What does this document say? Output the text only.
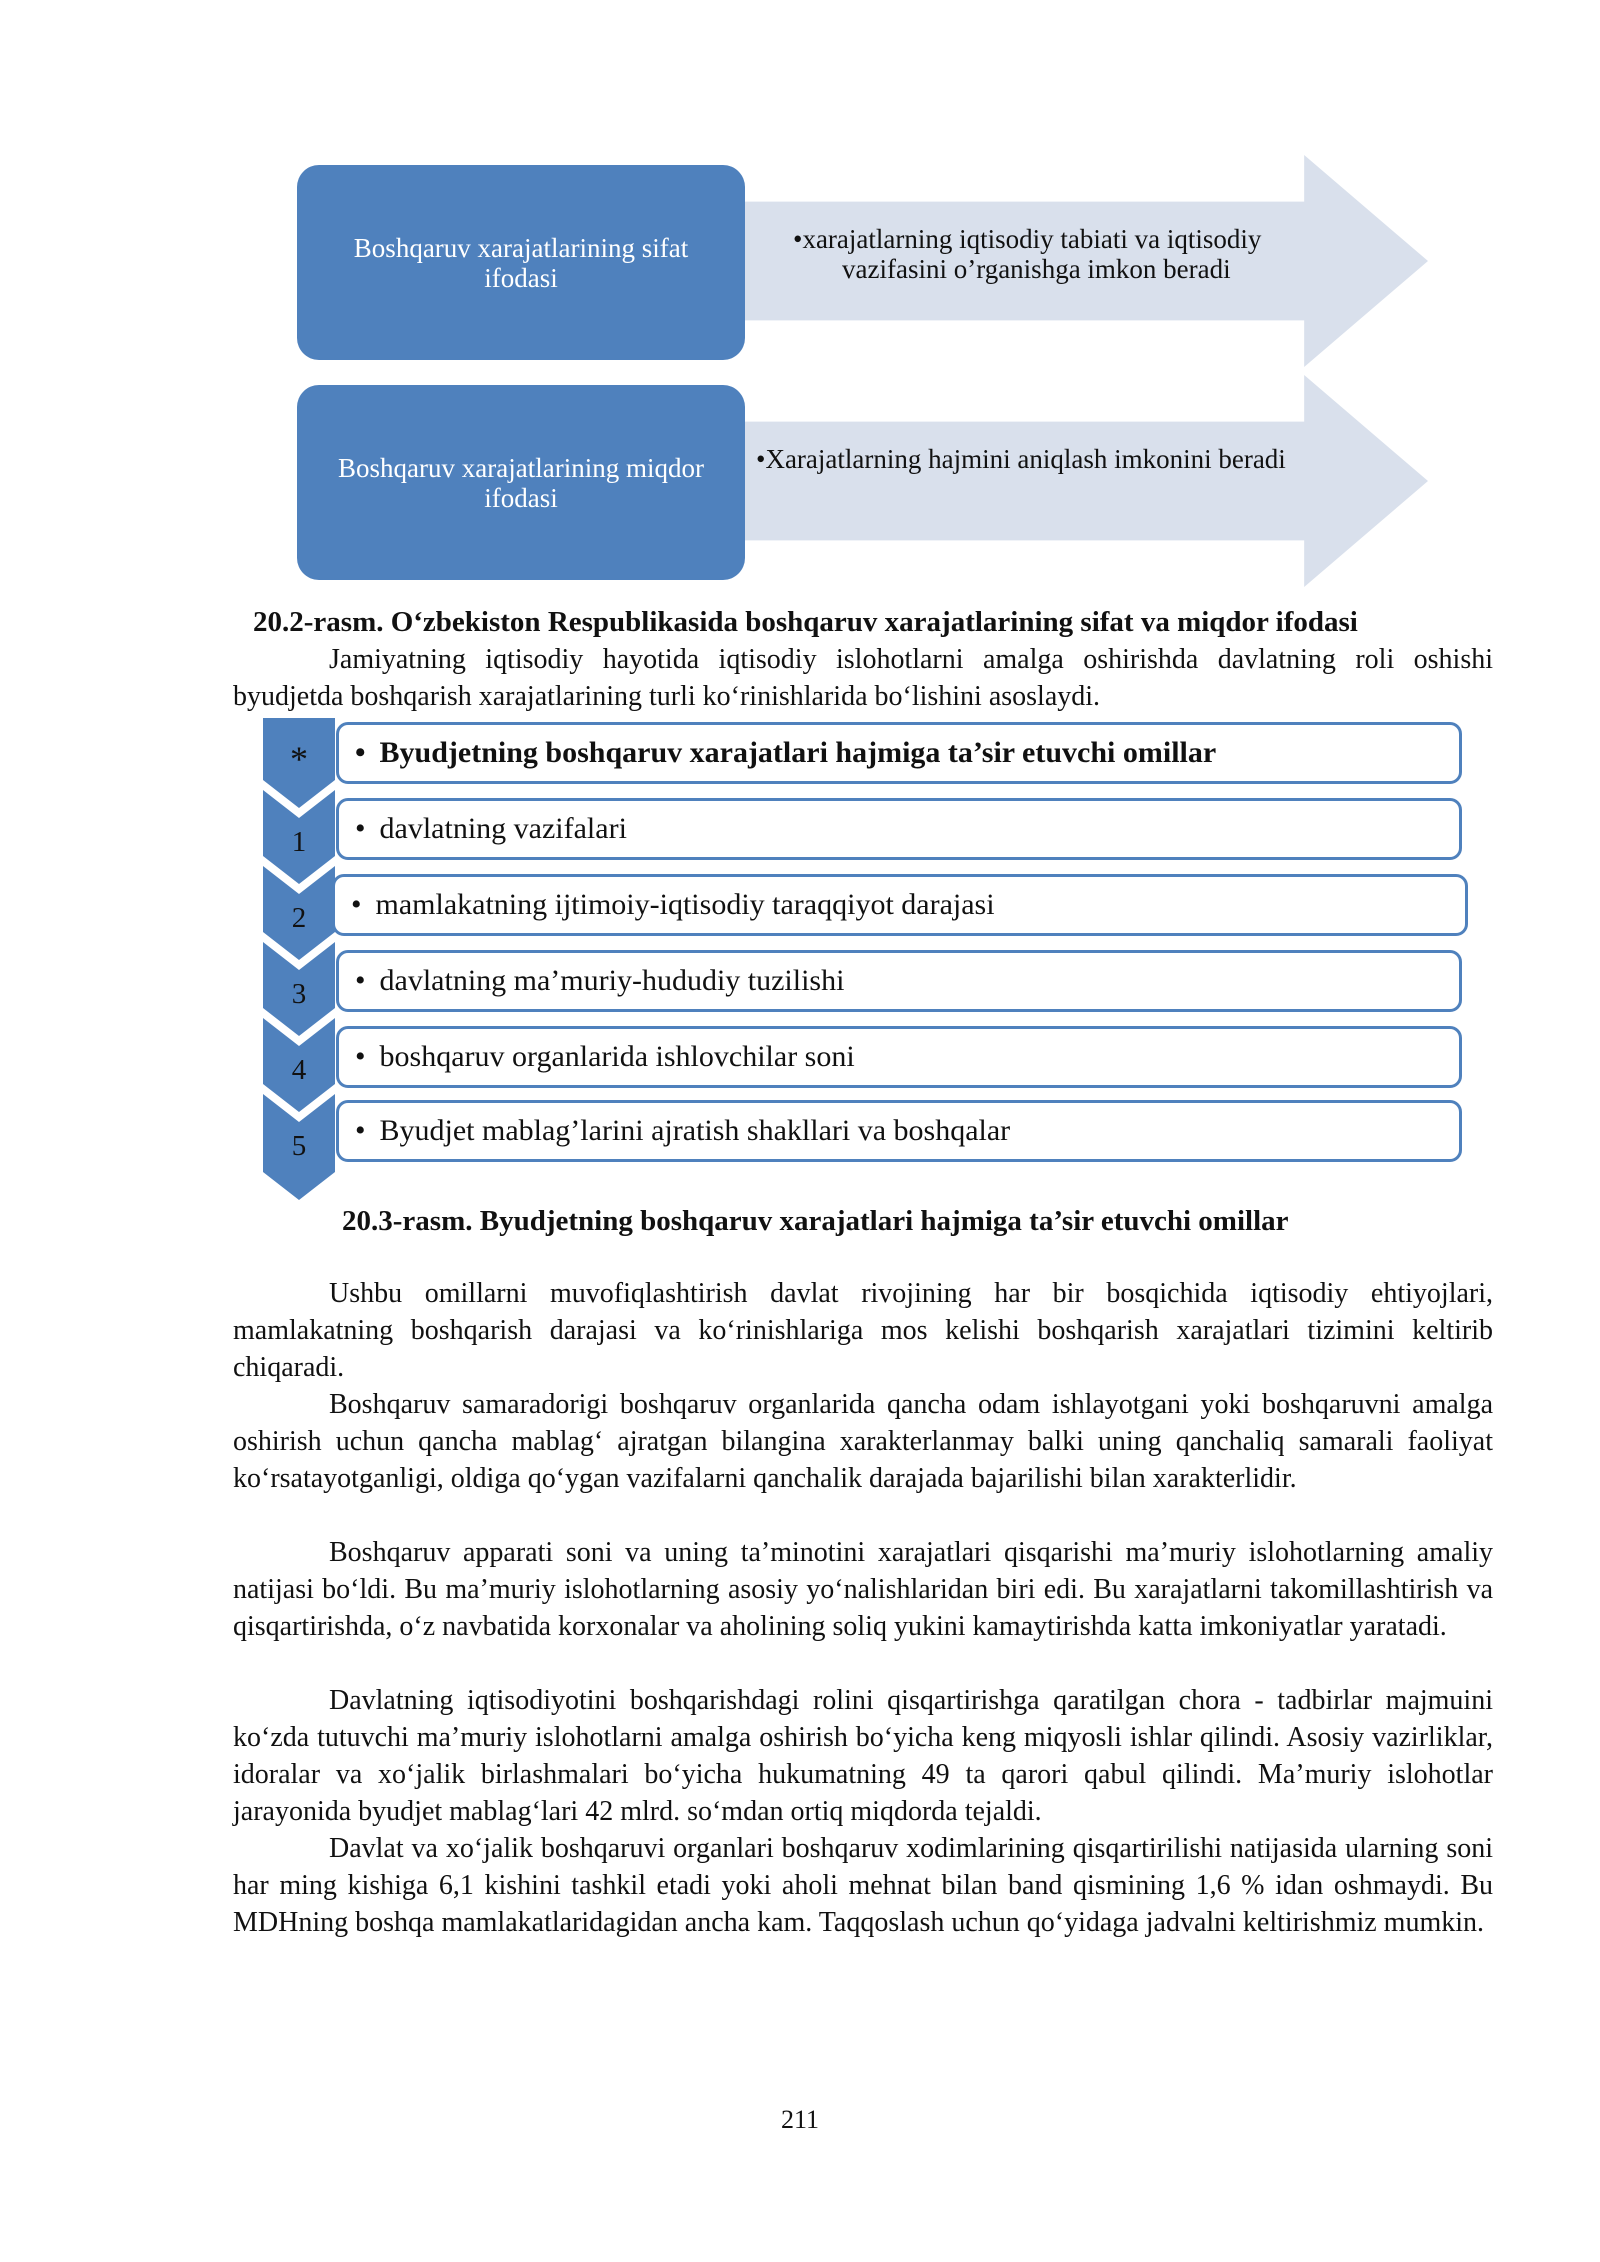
Boshqaruv xarajatlarining sifat ifodasi
•xarajatlarning iqtisodiy tabiati va iqtisodiy
vazifasini o’rganishga imkon beradi
Boshqaruv xarajatlarining miqdor ifodasi
•Xarajatlarning hajmini aniqlash imkonini beradi
20.2-rasm. O‘zbekiston Respublikasida boshqaruv xarajatlarining sifat va miqdor ifodasi

Jamiyatning iqtisodiy hayotida iqtisodiy islohotlarni amalga oshirishda davlatning roli oshishi byudjetda boshqarish xarajatlarining turli ko‘rinishlarida bo‘lishini asoslaydi.

*
1
2
3
4
5
• Byudjetning boshqaruv xarajatlari hajmiga ta’sir etuvchi omillar
• davlatning vazifalari
• mamlakatning ijtimoiy-iqtisodiy taraqqiyot darajasi
• davlatning ma’muriy-hududiy tuzilishi
• boshqaruv organlarida ishlovchilar soni
• Byudjet mablag’larini ajratish shakllari va boshqalar
20.3-rasm. Byudjetning boshqaruv xarajatlari hajmiga ta’sir etuvchi omillar

Ushbu omillarni muvofiqlashtirish davlat rivojining har bir bosqichida iqtisodiy ehtiyojlari, mamlakatning boshqarish darajasi va ko‘rinishlariga mos kelishi boshqarish xarajatlari tizimini keltirib chiqaradi.

Boshqaruv samaradorigi boshqaruv organlarida qancha odam ishlayotgani yoki boshqaruvni amalga oshirish uchun qancha mablag‘ ajratgan bilangina xarakterlanmay balki uning qanchaliq samarali faoliyat ko‘rsatayotganligi, oldiga qo‘ygan vazifalarni qanchalik darajada bajarilishi bilan xarakterlidir.

Boshqaruv apparati soni va uning ta’minotini xarajatlari qisqarishi ma’muriy islohotlarning amaliy natijasi bo‘ldi. Bu ma’muriy islohotlarning asosiy yo‘nalishlaridan biri edi. Bu xarajatlarni takomillashtirish va qisqartirishda, o‘z navbatida korxonalar va aholining soliq yukini kamaytirishda katta imkoniyatlar yaratadi.

Davlatning iqtisodiyotini boshqarishdagi rolini qisqartirishga qaratilgan chora - tadbirlar majmuini ko‘zda tutuvchi ma’muriy islohotlarni amalga oshirish bo‘yicha keng miqyosli ishlar qilindi. Asosiy vazirliklar, idoralar va xo‘jalik birlashmalari bo‘yicha hukumatning 49 ta qarori qabul qilindi. Ma’muriy islohotlar jarayonida byudjet mablag‘lari 42 mlrd. so‘mdan ortiq miqdorda tejaldi.

Davlat va xo‘jalik boshqaruvi organlari boshqaruv xodimlarining qisqartirilishi natijasida ularning soni har ming kishiga 6,1 kishini tashkil etadi yoki aholi mehnat bilan band qismining 1,6 % idan oshmaydi. Bu MDHning boshqa mamlakatlaridagidan ancha kam. Taqqoslash uchun qo‘yidaga jadvalni keltirishmiz mumkin.

211
